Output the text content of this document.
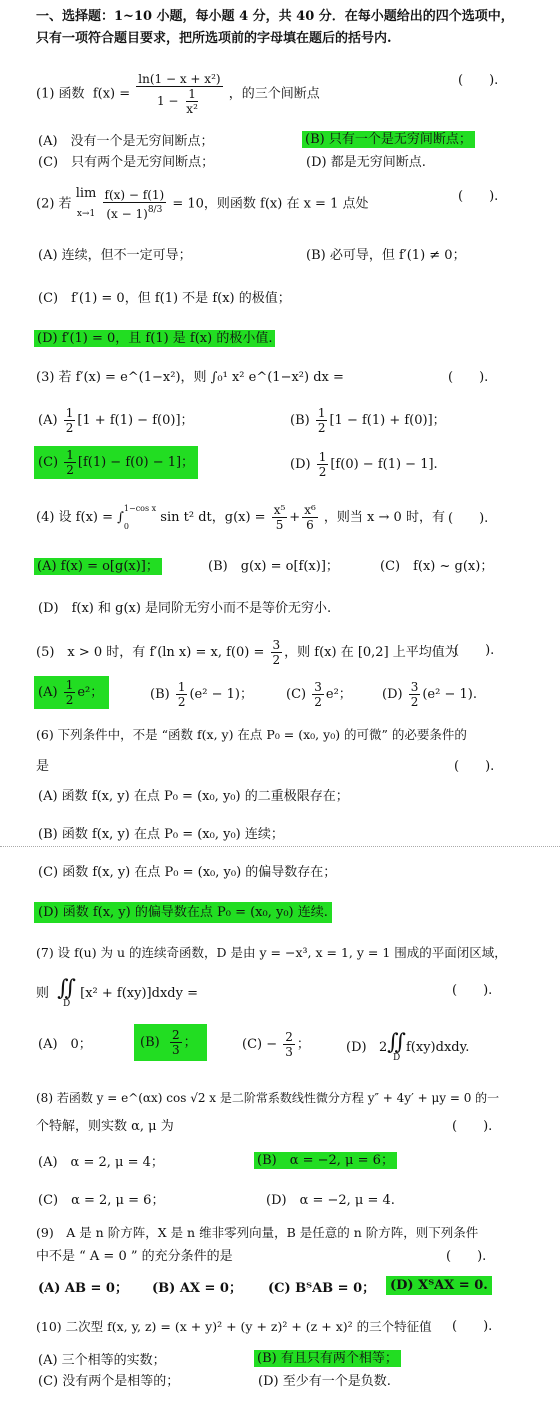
一、选择题：1~10 小题，每小题 4 分，共 40 分．在每小题给出的四个选项中，
只有一项符合题目要求，把所选项前的字母填在题后的括号内.
(1) 函数 $f(x) = \frac{\text{ln(1 − x + x²)}}{1 - \frac{1}{\text{x²}}}$ ，的三个间断点
(　　).
(A)　没有一个是无穷间断点；	(B) 只有一个是无穷间断点；
(C)　只有两个是无穷间断点；	(D) 都是无穷间断点.
(2) 若
lim
x→1
$\frac{f(x) - f(1)}{(x - 1)^{8/3}} = 10$，则函数 f(x) 在 x = 1 点处	(　　).
(A) 连续，但不一定可导；	(B) 必可导，但 f′(1) ≠ 0；
(C)　f′(1) = 0，但 f(1) 不是 f(x) 的极值；
(D) f′(1) = 0，且 f(1) 是 f(x) 的极小值.
(3) 若 f′(x) = e^(1−x²)，则 ∫₀¹ x² e^(1−x²) dx =	(　　).
$(A) \frac{1}{2} [1 + f(1) - f(0)]$；	$(B) \frac{1}{2} [1 - f(1) + f(0)]$；
$(C) \frac{1}{2} [f(1) - f(0) - 1]$；	$(D) \frac{1}{2} [f(0) - f(1) - 1]$.
(4) 设 f(x) = ∫
1−cos x
0
sin t² dt，$g(x) = \frac{\text{x⁵}}{5} + \frac{\text{x⁶}}{6}$ ，则当 x → 0 时，有 (　　).
(A) f(x) = o[g(x)]；	(B)　g(x) = o[f(x)]；	(C)　f(x) ~ g(x)；
(D)　f(x) 和 g(x) 是同阶无穷小而不是等价无穷小.
(5)　x > 0 时，有 f′(ln x) = x, $f(0) = \frac{3}{2}$ ，则 f(x) 在 [0,2] 上平均值为
(　　).
$(A) \frac{1}{2} e^2$；	$(B) \frac{1}{2} (e^2 - 1)$；	$(C) \frac{3}{2} e^2$； $(D) \frac{3}{2} (e^2 - 1)$.
(6) 下列条件中，不是 “函数 f(x, y) 在点 P₀ = (x₀, y₀) 的可微” 的必要条件的
是	(　　).
(A) 函数 f(x, y) 在点 P₀ = (x₀, y₀) 的二重极限存在；
(B) 函数 f(x, y) 在点 P₀ = (x₀, y₀) 连续；
(C) 函数 f(x, y) 在点 P₀ = (x₀, y₀) 的偏导数存在；
(D) 函数 f(x, y) 的偏导数在点 P₀ = (x₀, y₀) 连续.
(7) 设 f(u) 为 u 的连续奇函数，D 是由 y = −x³, x = 1, y = 1 围成的平面闭区域，
则 ∬
D
[x² + f(xy)]dxdy =	(　　).
(A)　0；	$(B) \frac{2}{3}$ ；	$(C) - \frac{2}{3}$ ；	(D) 2 ∬
D
f(xy)dxdy.
(8) 若函数 y = e^(αx) cos √2 x 是二阶常系数线性微分方程 y″ + 4y′ + μy = 0 的一
个特解，则实数 α, μ 为	(　　).
(A)　α = 2, μ = 4；	(B)　α = −2, μ = 6；
(C)　α = 2, μ = 6；	(D)　α = −2, μ = 4.
(9)　A 是 n 阶方阵，X 是 n 维非零列向量，B 是任意的 n 阶方阵，则下列条件
中不是 “ A = 0 ” 的充分条件的是	(　　).
(A) AB = 0； (B) AX = 0； (C) BᵀAB = 0；	(D) XᵀAX = 0.
(10) 二次型 f(x, y, z) = (x + y)² + (y + z)² + (z + x)² 的三个特征值 (　　).
(A) 三个相等的实数；	(B) 有且只有两个相等；
(C) 没有两个是相等的；	(D) 至少有一个是负数.
